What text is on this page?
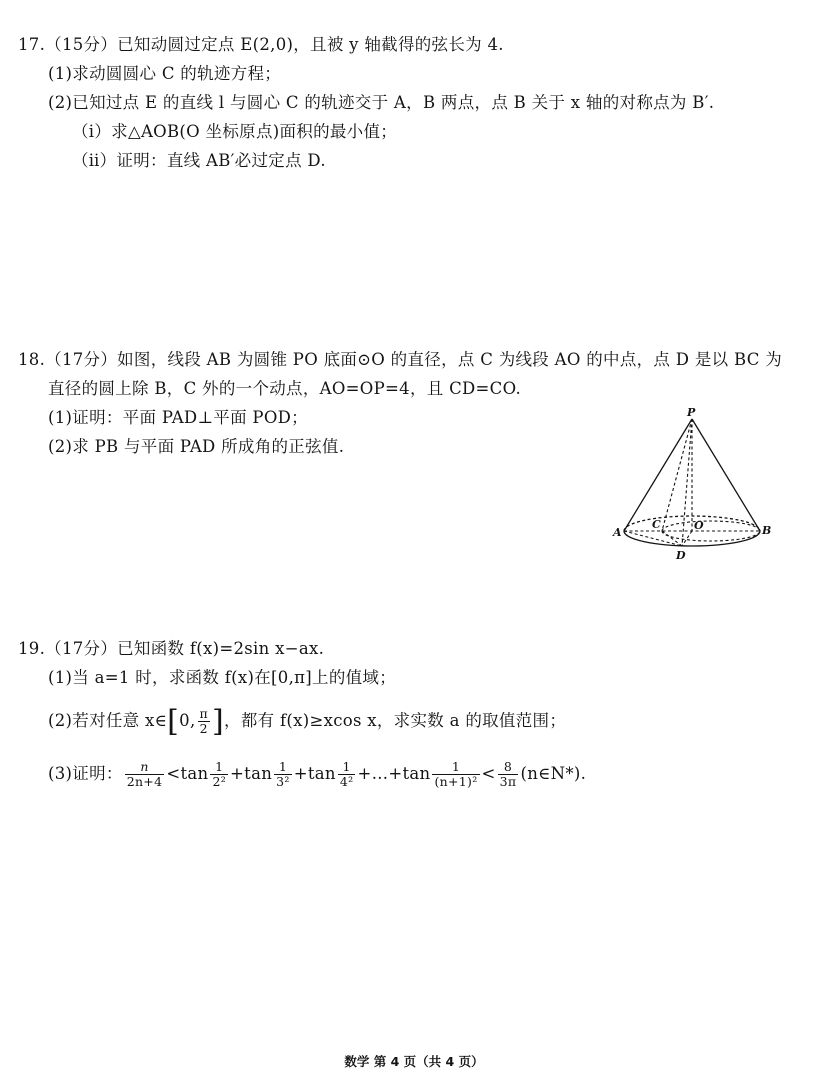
17.（15分）已知动圆过定点 E(2,0)，且被 y 轴截得的弦长为 4.
(1)求动圆圆心 C 的轨迹方程；
(2)已知过点 E 的直线 l 与圆心 C 的轨迹交于 A，B 两点，点 B 关于 x 轴的对称点为 B′.
（ⅰ）求△AOB(O 坐标原点)面积的最小值；
（ⅱ）证明：直线 AB′必过定点 D.
18.（17分）如图，线段 AB 为圆锥 PO 底面⊙O 的直径，点 C 为线段 AO 的中点，点 D 是以 BC 为
直径的圆上除 B，C 外的一个动点，AO=OP=4，且 CD=CO.
(1)证明：平面 PAD⊥平面 POD；
(2)求 PB 与平面 PAD 所成角的正弦值.
P
A	B
C	O
D
19.（17分）已知函数 f(x)=2sin x−ax.
(1)当 a=1 时，求函数 f(x)在[0,π]上的值域；
(2)若对任意 x∈[0, $\frac{\pi}{2}$ ]，都有 f(x)≥xcos x，求实数 a 的取值范围；
(3)证明： $\frac{n}{2n+4} <\tan \frac{1}{\text{2²}} +\tan \frac{1}{\text{3²}} +\tan \frac{1}{\text{4²}}$ +…+tan $\frac{1}{\text{(n+1)²}} < \frac{8}{3\pi}$ (n∈N*).
数学 第 4 页（共 4 页）
